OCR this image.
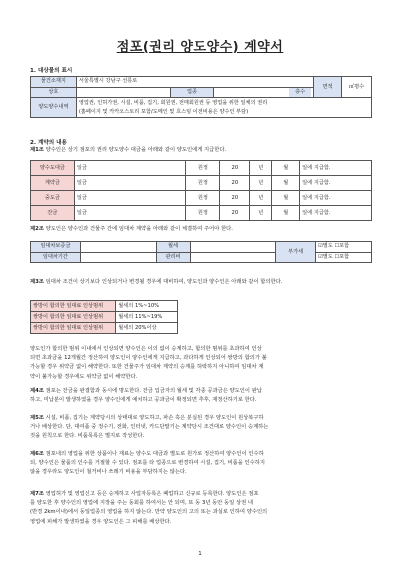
점포(권리 양도양수) 계약서
1. 대상물의 표시
물건소재지	서울특별시 강남구 선릉로			면적	㎡평수
상호		업종	층수		

양도양수내역	영업권, 인허가권, 시설, 비품, 집기, 회원권, 전매회원권 등 영업을 위한 일체의 권리
(홈페이지 및 카카오스토리 포함/도메인 및 호스팅 이전비용은 양수인 부담)				
2. 계약의 내용
제1조 양수인은 상기 점포의 권리 양도양수 대금을 아래와 같이 양도인에게 지급한다.
양수도대금	일금	원정	20	년	월	일에 지급함.
계약금	일금	원정	20	년	월	일에 지급함.
중도금	일금	원정	20	년	월	일에 지급함.
잔금	일금	원정	20	년	월	일에 지급함.
제2조 양도인은 양수인과 건물주 간에 임대차 계약을 아래와 같이 체결하여 주어야 한다.
임대차보증금		월세		부가세	☑별도 ☐포함
임대차기간		관리비			☑별도 ☐포함
제3조 임대차 조건이 상기보다 인상되거나 변경될 경우에 대비하여, 양도인과 양수인은 아래와 같이 합의한다.
쌍방이 합의한 임대료 인상범위	월세의 1%~10%
쌍방이 합의한 임대료 인상범위	월세의 11%~19%
쌍방이 합의한 임대료 인상범위	월세의 20%이상
양도인가 합의한 범위 이내에서 인상되면 양수인은 이의 없이 승계하고, 합의한 범위를 초과하여 인상
되면 초과금을 12개월간 정산하여 양도인이 양수인에게 지급하고, 과다하게 인상되어 쌍방의 합의가 불
가능할 경우 위약금 없이 해약한다. 또한 건물주가 임대차 계약의 승계를 허락하지 아니하여 임대차 계
약이 불가능할 경우에도 위약금 없이 해약한다.
제4조 점포는 잔금을 완결함과 동시에 명도한다. 잔금 입금자의 월세 및 각종 공과금은 양도인이 완납
하고, 미납분이 발생하였을 경우 양수인에게 예치하고 공과금이 확정되면 추후, 재정산하기로 한다.
제5조 시설, 비품, 집기는 계약당시의 상태대로 양도하고, 파손 혹은 분실된 경우 양도인이 원상복구하
거나 배상한다. 단, 대여품 중 정수기, 전화, 인터넷, 카드단말기는 계약당시 조건대로 양수인이 승계하는
것을 원칙으로 한다. 비품목록은 별지로 작성한다.
제6조 점포내의 영업을 위한 상품이나 재료는 양수도 대금과 별도로 원가로 정산하여 양수인이 인수하
되, 양수인은 물품의 인수를 거절할 수 있다. 점포를 타 업종으로 변경하여 시설, 집기, 비품을 인수하지
않을 경우라도 양도인이 철거비나 쓰레기 비용을 부담하지는 않는다.
제7조 영업허가 및 영업신고 등은 승계하고 사업자등록은 폐업하고 신규로 등록한다. 양도인은 점포
를 양도한 후 양수인의 영업에 지장을 주는 동회를 하여서는 안 되며, 또 동 3년 동안 동일 상권 내
(반경 2km이내)에서 동일업종의 영업을 하지 않는다. 만약 양도인의 고의 또는 과실로 인하여 양수인의
영업에 피해가 발생하였을 경우 양도인은 그 피해를 배상한다.
1
